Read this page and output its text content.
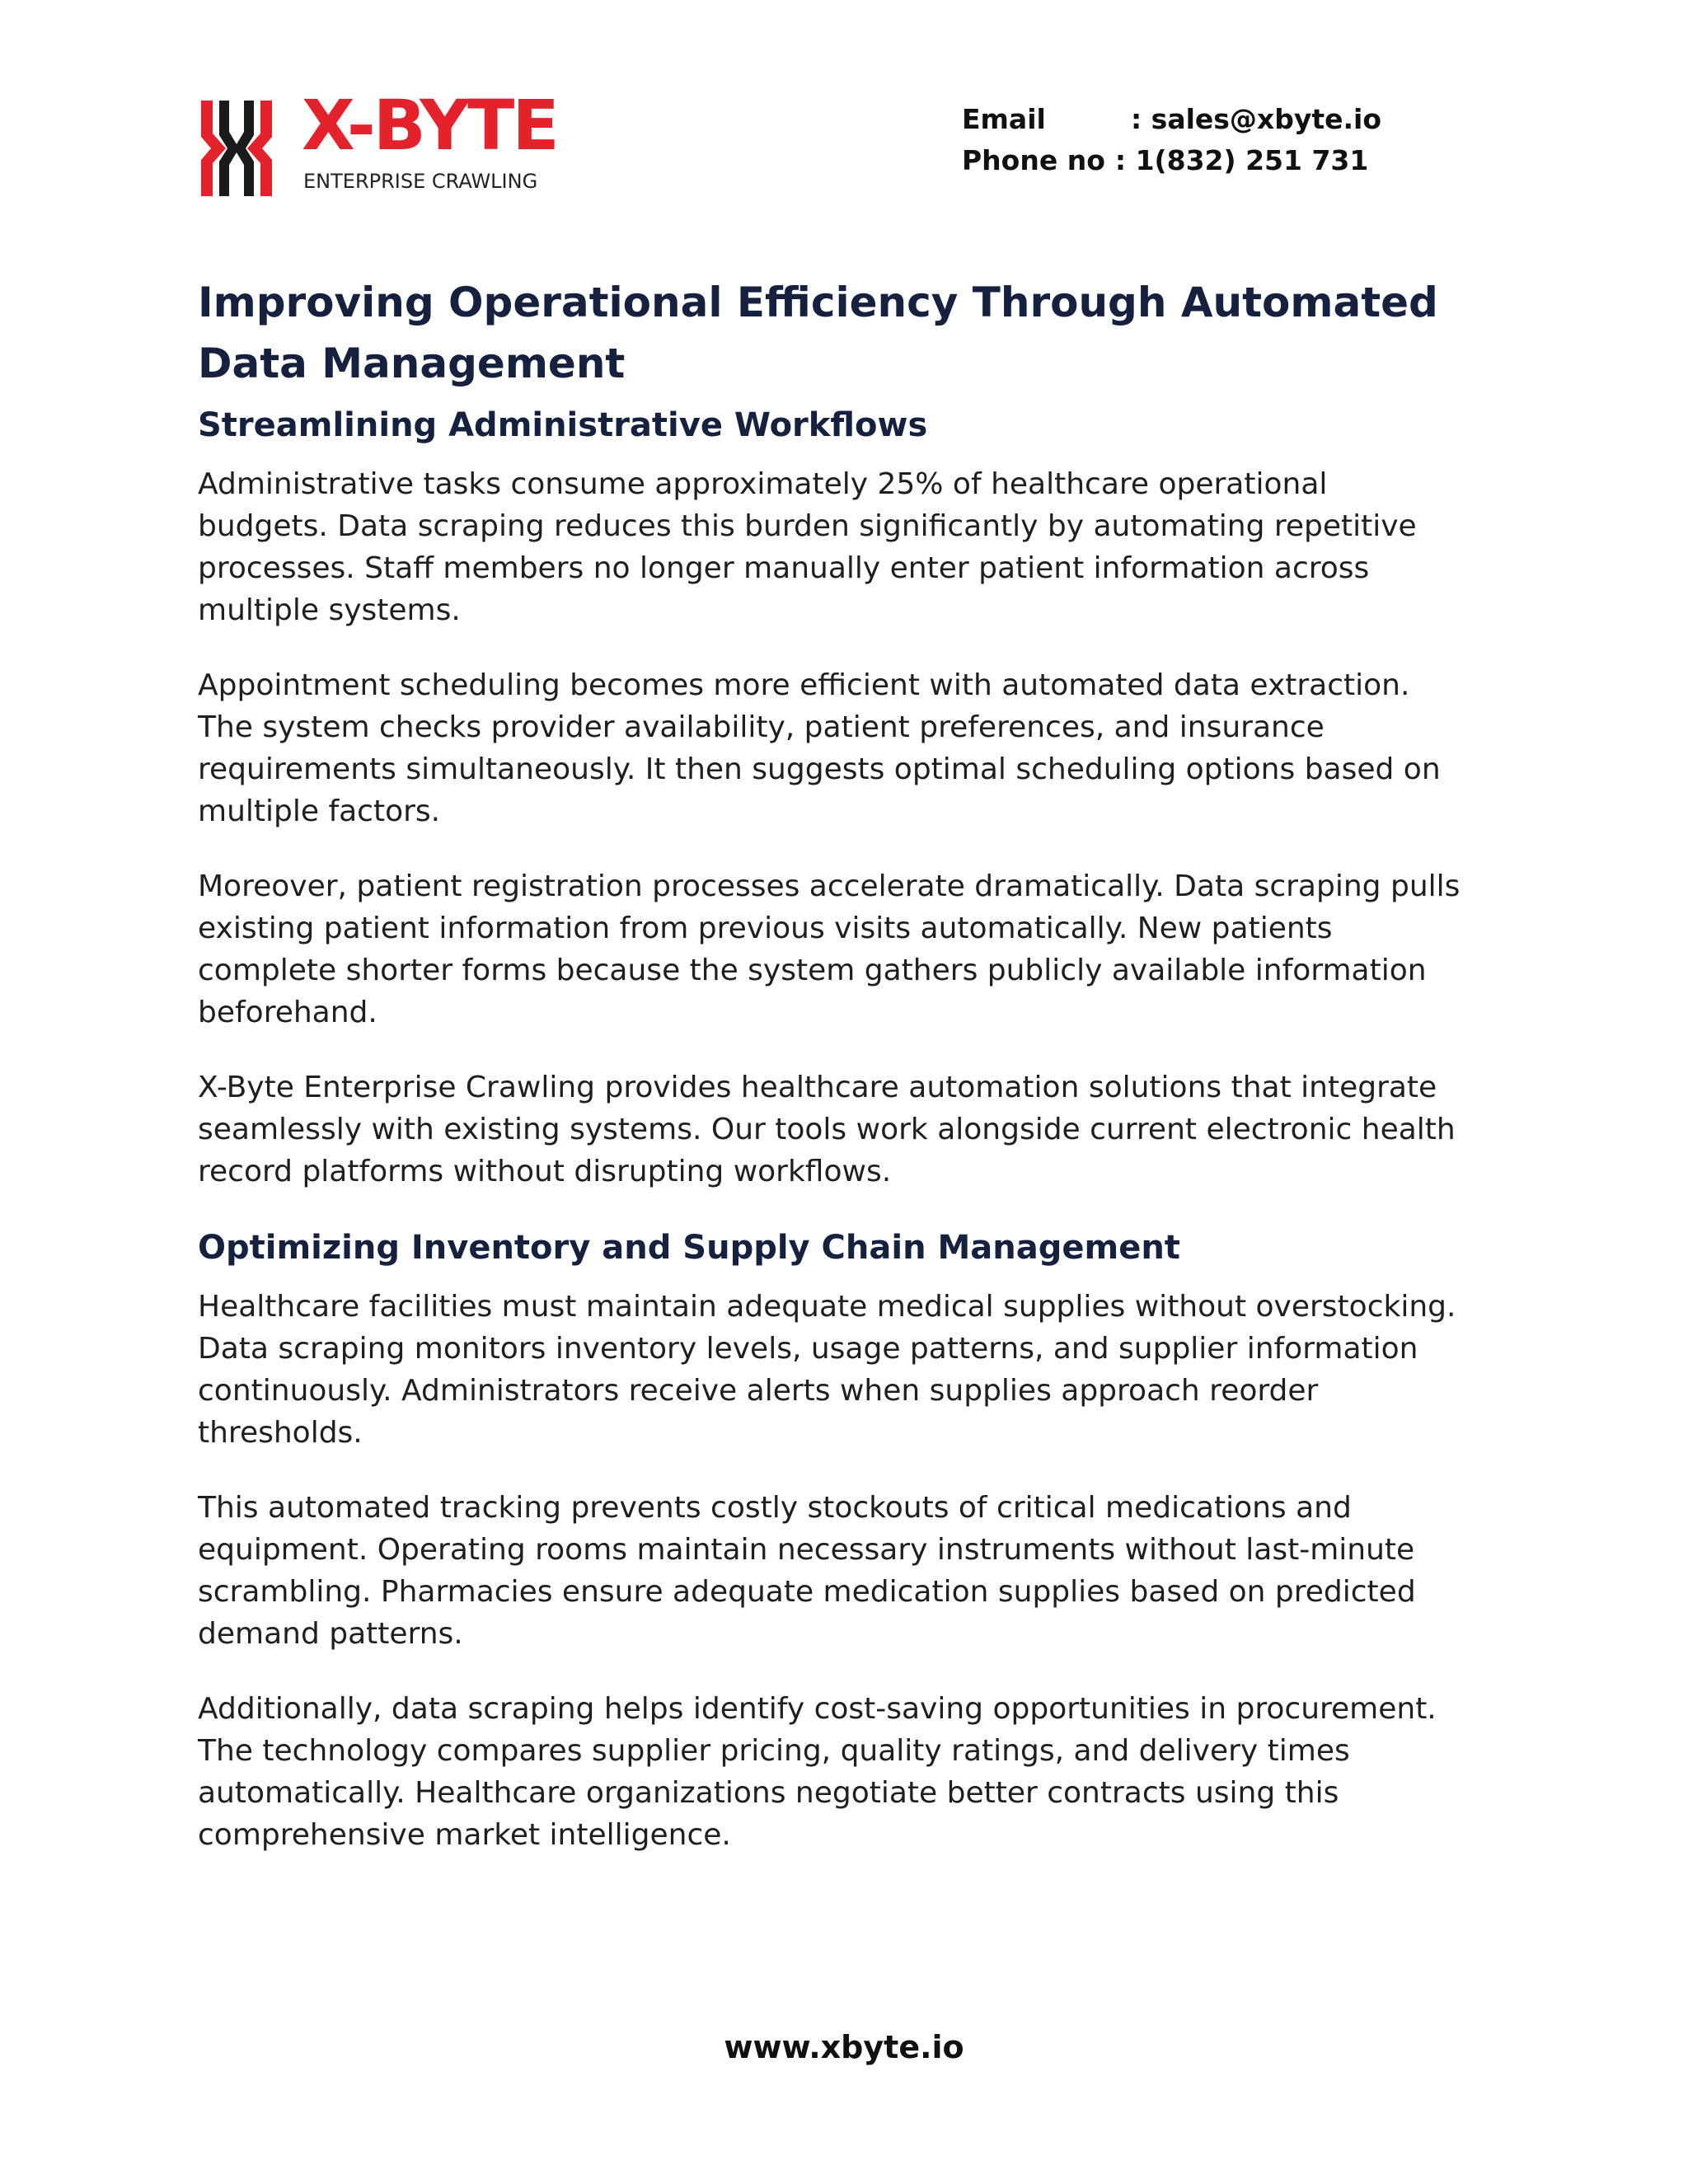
X-BYTE
ENTERPRISE CRAWLING
Email	: sales@xbyte.io
Phone no : 1(832) 251 731
Improving Operational Efficiency Through Automated
Data Management
Streamlining Administrative Workflows

Administrative tasks consume approximately 25% of healthcare operational
budgets. Data scraping reduces this burden significantly by automating repetitive
processes. Staff members no longer manually enter patient information across
multiple systems.

Appointment scheduling becomes more efficient with automated data extraction.
The system checks provider availability, patient preferences, and insurance
requirements simultaneously. It then suggests optimal scheduling options based on
multiple factors.

Moreover, patient registration processes accelerate dramatically. Data scraping pulls
existing patient information from previous visits automatically. New patients
complete shorter forms because the system gathers publicly available information
beforehand.

X-Byte Enterprise Crawling provides healthcare automation solutions that integrate
seamlessly with existing systems. Our tools work alongside current electronic health
record platforms without disrupting workflows.

Optimizing Inventory and Supply Chain Management

Healthcare facilities must maintain adequate medical supplies without overstocking.
Data scraping monitors inventory levels, usage patterns, and supplier information
continuously. Administrators receive alerts when supplies approach reorder
thresholds.

This automated tracking prevents costly stockouts of critical medications and
equipment. Operating rooms maintain necessary instruments without last-minute
scrambling. Pharmacies ensure adequate medication supplies based on predicted
demand patterns.

Additionally, data scraping helps identify cost-saving opportunities in procurement.
The technology compares supplier pricing, quality ratings, and delivery times
automatically. Healthcare organizations negotiate better contracts using this
comprehensive market intelligence.

www.xbyte.io
